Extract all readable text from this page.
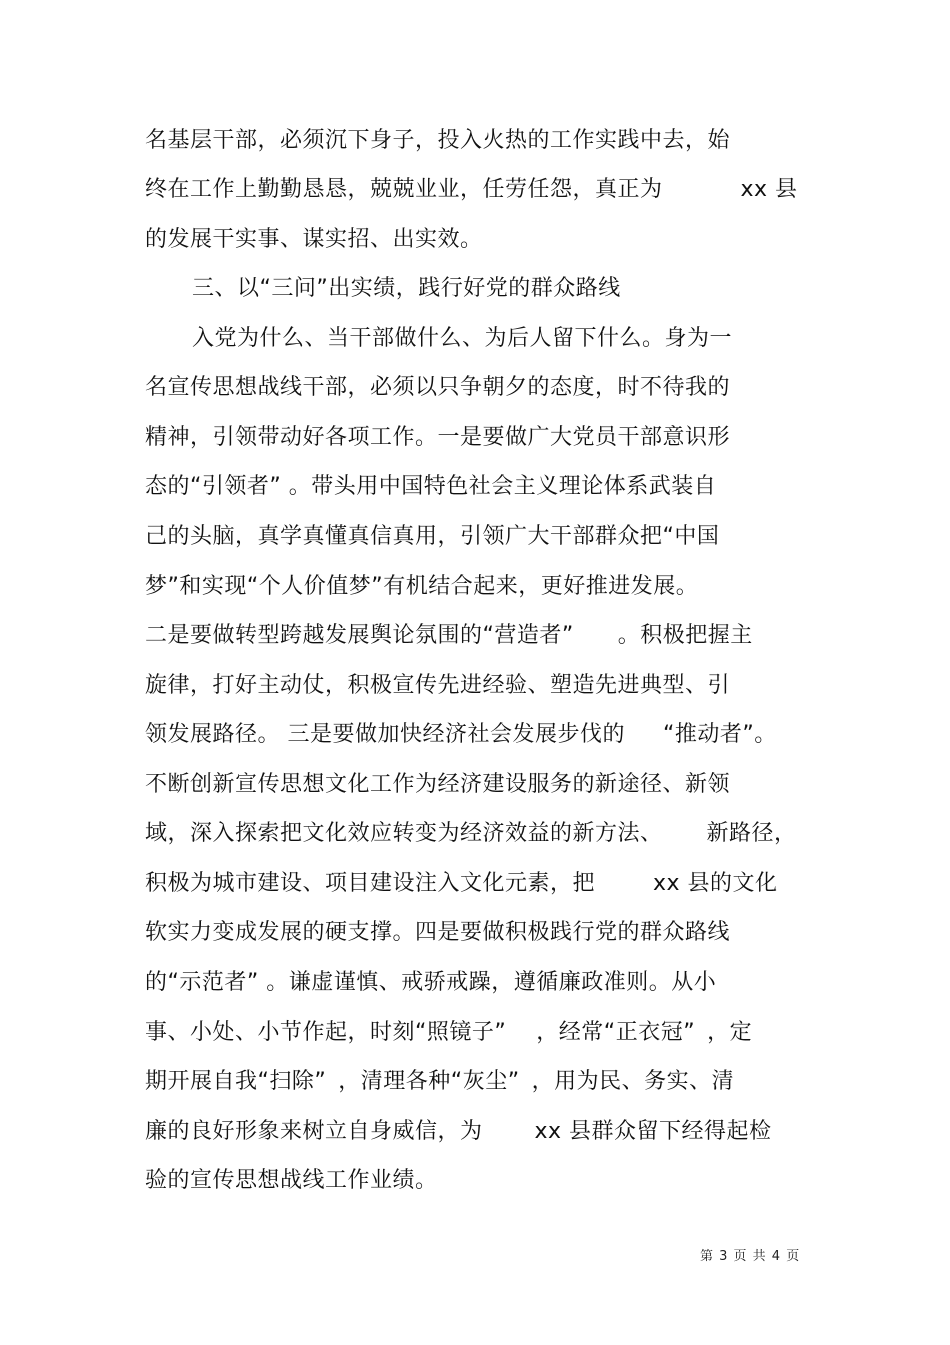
名基层干部，必须沉下身子，投入火热的工作实践中去，始
终在工作上勤勤恳恳，兢兢业业，任劳任怨，真正为	xx 县
的发展干实事、谋实招、出实效。
三、以“三问”出实绩，践行好党的群众路线
入党为什么、当干部做什么、为后人留下什么。身为一
名宣传思想战线干部，必须以只争朝夕的态度，时不待我的
精神，引领带动好各项工作。一是要做广大党员干部意识形
态的“引领者” 。带头用中国特色社会主义理论体系武装自
己的头脑，真学真懂真信真用，引领广大干部群众把“中国
梦”和实现“个人价值梦”有机结合起来，更好推进发展。
二是要做转型跨越发展舆论氛围的“营造者” 。积极把握主
旋律，打好主动仗，积极宣传先进经验、塑造先进典型、引
领发展路径。 三是要做加快经济社会发展步伐的 “推动者”。
不断创新宣传思想文化工作为经济建设服务的新途径、新领
域，深入探索把文化效应转变为经济效益的新方法、 新路径，
积极为城市建设、项目建设注入文化元素，把	xx 县的文化
软实力变成发展的硬支撑。四是要做积极践行党的群众路线
的“示范者” 。谦虚谨慎、戒骄戒躁，遵循廉政准则。从小
事、小处、小节作起，时刻“照镜子” ，经常“正衣冠” ，定
期开展自我“扫除” ，清理各种“灰尘” ，用为民、务实、清
廉的良好形象来树立自身威信，为 xx 县群众留下经得起检
验的宣传思想战线工作业绩。
第 3 页 共 4 页
